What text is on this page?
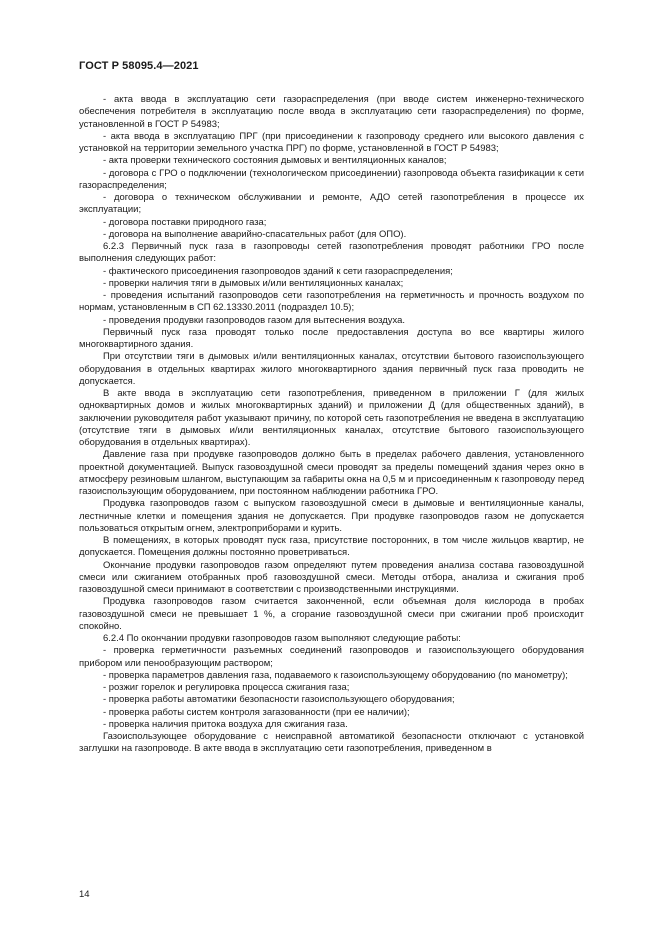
ГОСТ Р 58095.4—2021

- акта ввода в эксплуатацию сети газораспределения (при вводе систем инженерно-технического обеспечения потребителя в эксплуатацию после ввода в эксплуатацию сети газораспределения) по форме, установленной в ГОСТ Р 54983;

- акта ввода в эксплуатацию ПРГ (при присоединении к газопроводу среднего или высокого давления с установкой на территории земельного участка ПРГ) по форме, установленной в ГОСТ Р 54983;

- акта проверки технического состояния дымовых и вентиляционных каналов;

- договора с ГРО о подключении (технологическом присоединении) газопровода объекта газификации к сети газораспределения;

- договора о техническом обслуживании и ремонте, АДО сетей газопотребления в процессе их эксплуатации;

- договора поставки природного газа;

- договора на выполнение аварийно-спасательных работ (для ОПО).

6.2.3 Первичный пуск газа в газопроводы сетей газопотребления проводят работники ГРО после выполнения следующих работ:

- фактического присоединения газопроводов зданий к сети газораспределения;

- проверки наличия тяги в дымовых и/или вентиляционных каналах;

- проведения испытаний газопроводов сети газопотребления на герметичность и прочность воздухом по нормам, установленным в СП 62.13330.2011 (подраздел 10.5);

- проведения продувки газопроводов газом для вытеснения воздуха.

Первичный пуск газа проводят только после предоставления доступа во все квартиры жилого многоквартирного здания.

При отсутствии тяги в дымовых и/или вентиляционных каналах, отсутствии бытового газоиспользующего оборудования в отдельных квартирах жилого многоквартирного здания первичный пуск газа проводить не допускается.

В акте ввода в эксплуатацию сети газопотребления, приведенном в приложении Г (для жилых одноквартирных домов и жилых многоквартирных зданий) и приложении Д (для общественных зданий), в заключении руководителя работ указывают причину, по которой сеть газопотребления не введена в эксплуатацию (отсутствие тяги в дымовых и/или вентиляционных каналах, отсутствие бытового газоиспользующего оборудования в отдельных квартирах).

Давление газа при продувке газопроводов должно быть в пределах рабочего давления, установленного проектной документацией. Выпуск газовоздушной смеси проводят за пределы помещений здания через окно в атмосферу резиновым шлангом, выступающим за габариты окна на 0,5 м и присоединенным к газопроводу перед газоиспользующим оборудованием, при постоянном наблюдении работника ГРО.

Продувка газопроводов газом с выпуском газовоздушной смеси в дымовые и вентиляционные каналы, лестничные клетки и помещения здания не допускается. При продувке газопроводов газом не допускается пользоваться открытым огнем, электроприборами и курить.

В помещениях, в которых проводят пуск газа, присутствие посторонних, в том числе жильцов квартир, не допускается. Помещения должны постоянно проветриваться.

Окончание продувки газопроводов газом определяют путем проведения анализа состава газовоздушной смеси или сжиганием отобранных проб газовоздушной смеси. Методы отбора, анализа и сжигания проб газовоздушной смеси принимают в соответствии с производственными инструкциями.

Продувка газопроводов газом считается законченной, если объемная доля кислорода в пробах газовоздушной смеси не превышает 1 %, а сгорание газовоздушной смеси при сжигании проб происходит спокойно.

6.2.4 По окончании продувки газопроводов газом выполняют следующие работы:

- проверка герметичности разъемных соединений газопроводов и газоиспользующего оборудования прибором или пенообразующим раствором;

- проверка параметров давления газа, подаваемого к газоиспользующему оборудованию (по манометру);

- розжиг горелок и регулировка процесса сжигания газа;

- проверка работы автоматики безопасности газоиспользующего оборудования;

- проверка работы систем контроля загазованности (при ее наличии);

- проверка наличия притока воздуха для сжигания газа.

Газоиспользующее оборудование с неисправной автоматикой безопасности отключают с установкой заглушки на газопроводе. В акте ввода в эксплуатацию сети газопотребления, приведенном в

14
